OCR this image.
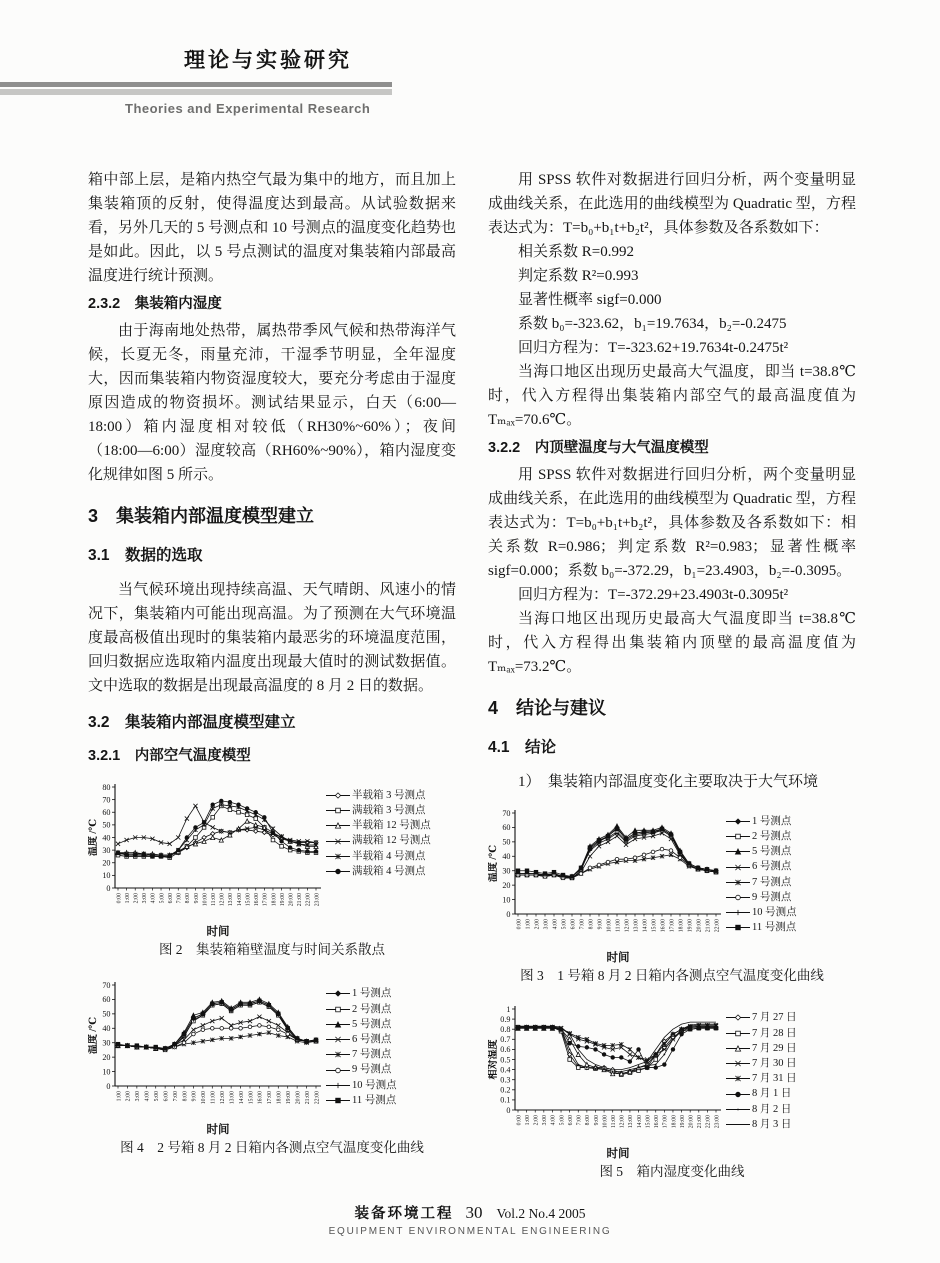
理论与实验研究
Theories and Experimental Research

箱中部上层，是箱内热空气最为集中的地方，而且加上集装箱顶的反射，使得温度达到最高。从试验数据来看，另外几天的 5 号测点和 10 号测点的温度变化趋势也是如此。因此，以 5 号点测试的温度对集装箱内部最高温度进行统计预测。

2.3.2　集装箱内湿度

由于海南地处热带，属热带季风气候和热带海洋气候，长夏无冬，雨量充沛，干湿季节明显，全年湿度大，因而集装箱内物资湿度较大，要充分考虑由于湿度原因造成的物资损坏。测试结果显示，白天（6:00—18:00）箱内湿度相对较低（RH30%~60%）；夜间（18:00—6:00）湿度较高（RH60%~90%），箱内湿度变化规律如图 5 所示。

3　集装箱内部温度模型建立
3.1　数据的选取

当气候环境出现持续高温、天气晴朗、风速小的情况下，集装箱内可能出现高温。为了预测在大气环境温度最高极值出现时的集装箱内最恶劣的环境温度范围，回归数据应选取箱内温度出现最大值时的测试数据值。文中选取的数据是出现最高温度的 8 月 2 日的数据。

3.2　集装箱内部温度模型建立
3.2.1　内部空气温度模型
0
10
20
30
40
50
60
70
80
0:00 1:00 2:00 3:00 4:00 5:00 6:00 7:00 8:00 9:00 10:00 11:00 12:00 13:00 14:00 15:00 16:00 17:00 18:00 19:00 20:00 21:00 22:00 23:00
温度 /℃
时间
半载箱 3 号测点
满载箱 3 号测点
半载箱 12 号测点
满载箱 12 号测点
半载箱 4 号测点
满载箱 4 号测点
图 2　集装箱箱壁温度与时间关系散点
0
10
20
30
40
50
60
70
1:00 2:00 3:00 4:00 5:00 6:00 7:00 8:00 9:00 10:00 11:00 12:00 13:00 14:00 15:00 16:00 17:00 18:00 19:00 20:00 21:00 22:00
温度 /℃
时间
1 号测点
2 号测点
5 号测点
6 号测点
7 号测点
9 号测点
10 号测点
11 号测点
图 4　2 号箱 8 月 2 日箱内各测点空气温度变化曲线

用 SPSS 软件对数据进行回归分析，两个变量明显成曲线关系，在此选用的曲线模型为 Quadratic 型，方程表达式为：T=b₀+b₁t+b₂t²，具体参数及各系数如下：

相关系数 R=0.992
判定系数 R²=0.993
显著性概率 sigf=0.000
系数 b₀=-323.62，b₁=19.7634，b₂=-0.2475
回归方程为：T=-323.62+19.7634t-0.2475t²

当海口地区出现历史最高大气温度，即当 t=38.8℃ 时，代入方程得出集装箱内部空气的最高温度值为 Tₘₐₓ=70.6℃。

3.2.2　内顶壁温度与大气温度模型

用 SPSS 软件对数据进行回归分析，两个变量明显成曲线关系，在此选用的曲线模型为 Quadratic 型，方程表达式为：T=b₀+b₁t+b₂t²，具体参数及各系数如下：相关系数 R=0.986；判定系数 R²=0.983；显著性概率 sigf=0.000；系数 b₀=-372.29，b₁=23.4903，b₂=-0.3095。

回归方程为：T=-372.29+23.4903t-0.3095t²

当海口地区出现历史最高大气温度即当 t=38.8℃ 时，代入方程得出集装箱内顶壁的最高温度值为 Tₘₐₓ=73.2℃。

4　结论与建议
4.1　结论

1）　集装箱内部温度变化主要取决于大气环境

0
10
20
30
40
50
60
70
0:00 1:00 2:00 3:00 4:00 5:00 6:00 7:00 8:00 9:00 10:00 11:00 12:00 13:00 14:00 15:00 16:00 17:00 18:00 19:00 20:00 21:00 22:00
温度 /℃
时间
1 号测点
2 号测点
5 号测点
6 号测点
7 号测点
9 号测点
10 号测点
11 号测点
图 3　1 号箱 8 月 2 日箱内各测点空气温度变化曲线
0
0.1
0.2
0.3
0.4
0.5
0.6
0.7
0.8
0.9
1
0:00 1:00 2:00 3:00 4:00 5:00 6:00 7:00 8:00 9:00 10:00 11:00 12:00 13:00 14:00 15:00 16:00 17:00 18:00 19:00 20:00 21:00 22:00 23:00
相对湿度
时间
7 月 27 日
7 月 28 日
7 月 29 日
7 月 30 日
7 月 31 日
8 月 1 日
8 月 2 日
8 月 3 日
图 5　箱内湿度变化曲线
装备环境工程 30 Vol.2 No.4 2005
EQUIPMENT ENVIRONMENTAL ENGINEERING
